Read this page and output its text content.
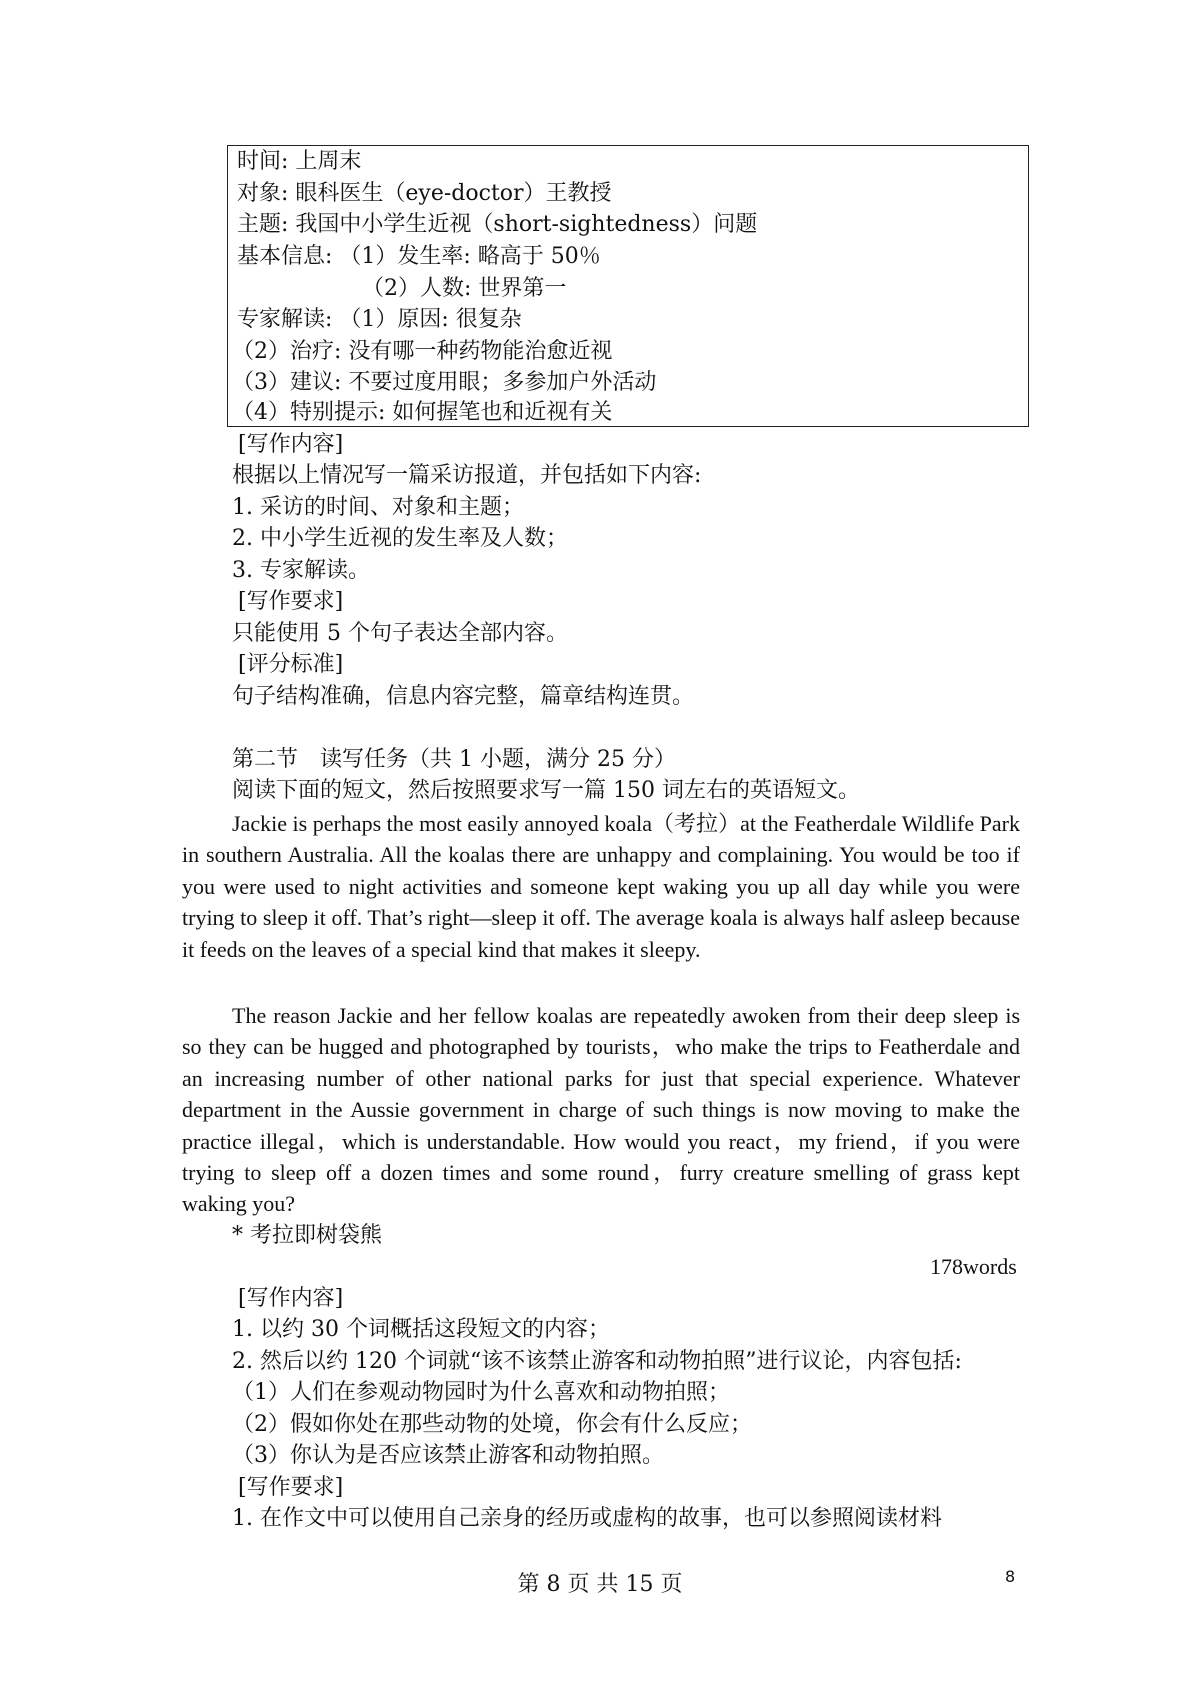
时间: 上周末
对象: 眼科医生（eye-doctor）王教授
主题: 我国中小学生近视（short-sightedness）问题
基本信息: （1）发生率: 略高于 50％
（2）人数: 世界第一
专家解读: （1）原因: 很复杂
（2）治疗: 没有哪一种药物能治愈近视
（3）建议: 不要过度用眼；多参加户外活动
（4）特别提示: 如何握笔也和近视有关
[写作内容]
根据以上情况写一篇采访报道，并包括如下内容:
1. 采访的时间、对象和主题；
2. 中小学生近视的发生率及人数；
3. 专家解读。
[写作要求]
只能使用 5 个句子表达全部内容。
[评分标准]
句子结构准确，信息内容完整，篇章结构连贯。
第二节　读写任务（共 1 小题，满分 25 分）
阅读下面的短文，然后按照要求写一篇 150 词左右的英语短文。

Jackie is perhaps the most easily annoyed koala（考拉）at the Featherdale Wildlife Park in southern Australia. All the koalas there are unhappy and complaining. You would be too if you were used to night activities and someone kept waking you up all day while you were trying to sleep it off. That’s right—sleep it off. The average koala is always half asleep because it feeds on the leaves of a special kind that makes it sleepy.

The reason Jackie and her fellow koalas are repeatedly awoken from their deep sleep is so they can be hugged and photographed by tourists，who make the trips to Featherdale and an increasing number of other national parks for just that special experience. Whatever department in the Aussie government in charge of such things is now moving to make the practice illegal，which is understandable. How would you react，my friend，if you were trying to sleep off a dozen times and some round，furry creature smelling of grass kept waking you?

* 考拉即树袋熊
178words
[写作内容]
1. 以约 30 个词概括这段短文的内容；
2. 然后以约 120 个词就“该不该禁止游客和动物拍照”进行议论，内容包括:
（1）人们在参观动物园时为什么喜欢和动物拍照；
（2）假如你处在那些动物的处境，你会有什么反应；
（3）你认为是否应该禁止游客和动物拍照。
[写作要求]
1. 在作文中可以使用自己亲身的经历或虚构的故事，也可以参照阅读材料
第 8 页 共 15 页	8
